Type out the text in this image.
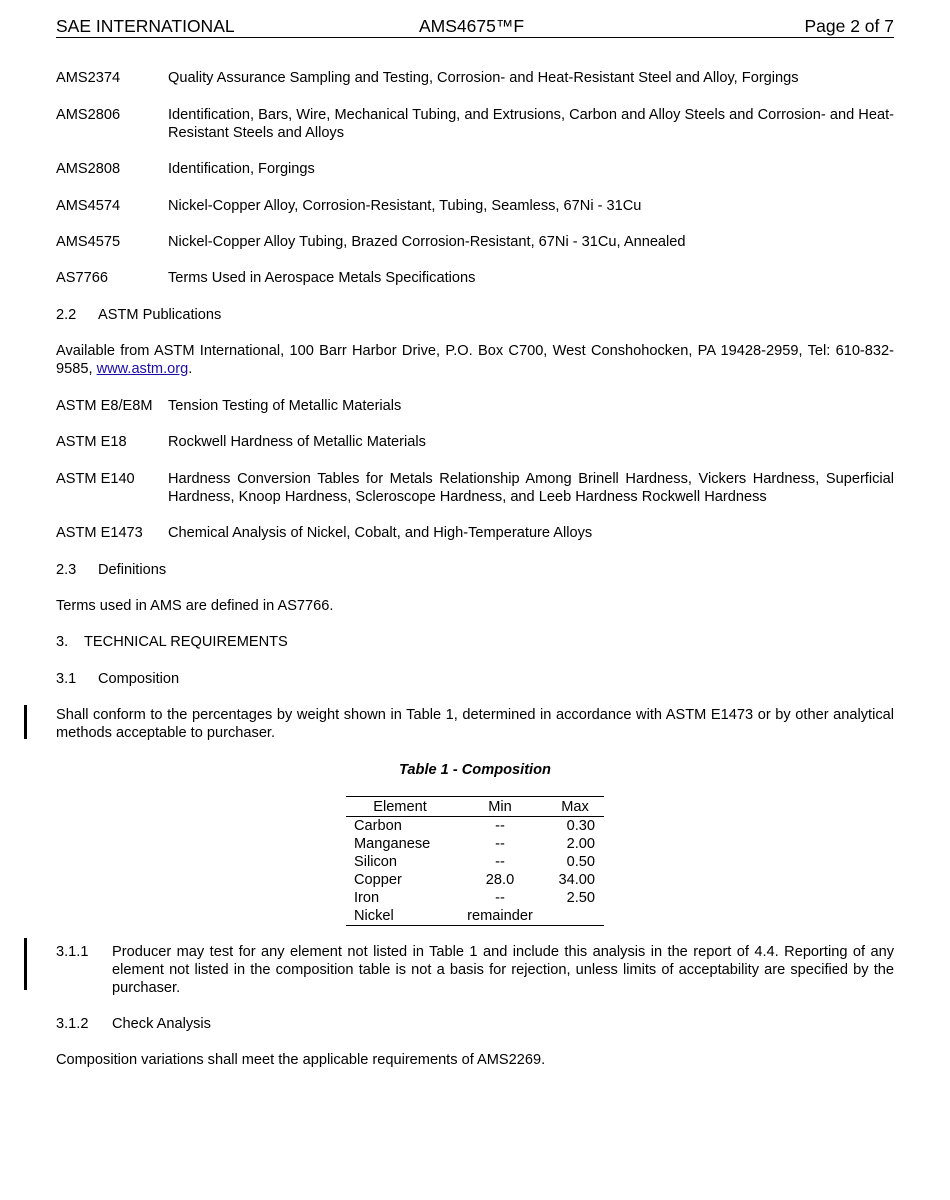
SAE INTERNATIONAL	AMS4675™F	Page 2 of 7
AMS2374	Quality Assurance Sampling and Testing, Corrosion- and Heat-Resistant Steel and Alloy, Forgings
AMS2806	Identification, Bars, Wire, Mechanical Tubing, and Extrusions, Carbon and Alloy Steels and Corrosion- and Heat-Resistant Steels and Alloys
AMS2808	Identification, Forgings
AMS4574	Nickel-Copper Alloy, Corrosion-Resistant, Tubing, Seamless, 67Ni - 31Cu
AMS4575	Nickel-Copper Alloy Tubing, Brazed Corrosion-Resistant, 67Ni - 31Cu, Annealed
AS7766	Terms Used in Aerospace Metals Specifications
2.2 ASTM Publications
Available from ASTM International, 100 Barr Harbor Drive, P.O. Box C700, West Conshohocken, PA 19428-2959, Tel: 610-832-9585, www.astm.org.
ASTM E8/E8M Tension Testing of Metallic Materials
ASTM E18	Rockwell Hardness of Metallic Materials
ASTM E140 Hardness Conversion Tables for Metals Relationship Among Brinell Hardness, Vickers Hardness, Superficial Hardness, Knoop Hardness, Scleroscope Hardness, and Leeb Hardness Rockwell Hardness
ASTM E1473 Chemical Analysis of Nickel, Cobalt, and High-Temperature Alloys
2.3 Definitions
Terms used in AMS are defined in AS7766.
3. TECHNICAL REQUIREMENTS
3.1 Composition
Shall conform to the percentages by weight shown in Table 1, determined in accordance with ASTM E1473 or by other analytical methods acceptable to purchaser.
Table 1 - Composition
Element	Min	Max
Carbon	--	0.30
Manganese	--	2.00
Silicon	--	0.50
Copper	28.0	34.00
Iron	--	2.50
Nickel	remainder	
3.1.1 Producer may test for any element not listed in Table 1 and include this analysis in the report of 4.4. Reporting of any element not listed in the composition table is not a basis for rejection, unless limits of acceptability are specified by the purchaser.
3.1.2 Check Analysis
Composition variations shall meet the applicable requirements of AMS2269.
